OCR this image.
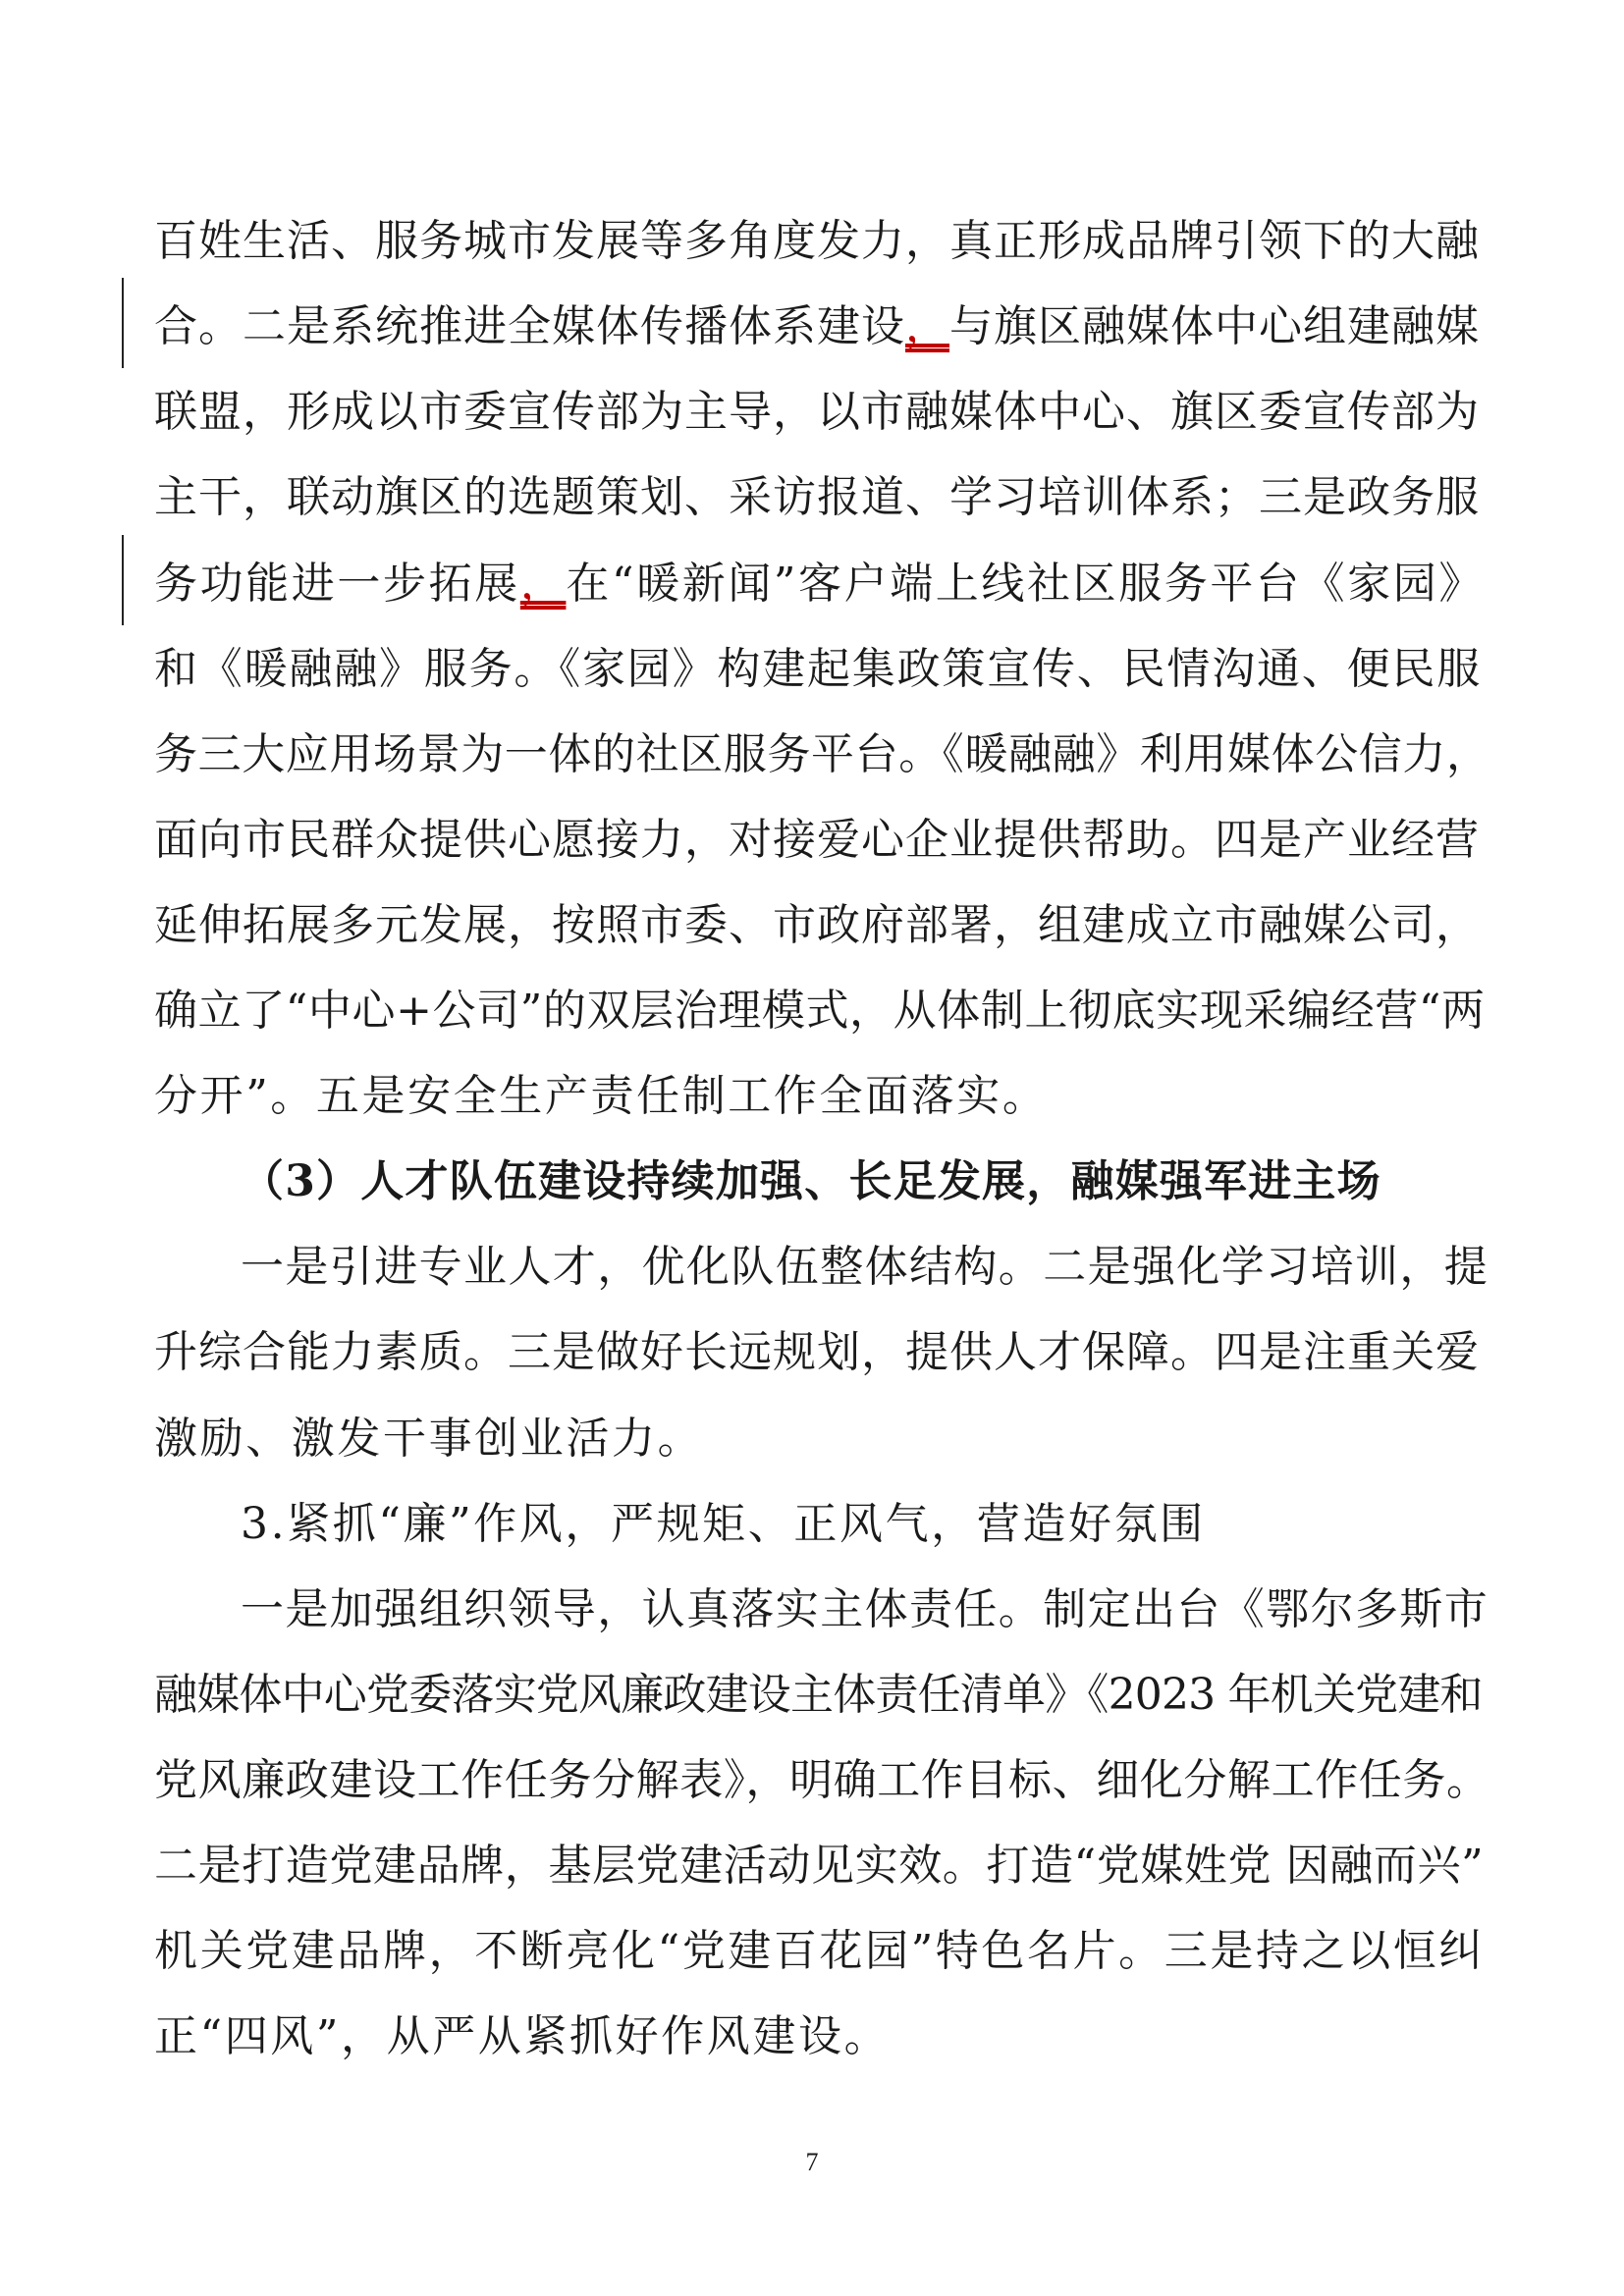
百姓生活、服务城市发展等多角度发力，真正形成品牌引领下的大融
合。二是系统推进全媒体传播体系建设，与旗区融媒体中心组建融媒
联盟，形成以市委宣传部为主导，以市融媒体中心、旗区委宣传部为
主干，联动旗区的选题策划、采访报道、学习培训体系；三是政务服
务功能进一步拓展，在“暖新闻”客户端上线社区服务平台《家园》
和《暖融融》服务。《家园》构建起集政策宣传、民情沟通、便民服
务三大应用场景为一体的社区服务平台。《暖融融》利用媒体公信力，
面向市民群众提供心愿接力，对接爱心企业提供帮助。四是产业经营
延伸拓展多元发展，按照市委、市政府部署，组建成立市融媒公司，
确立了“中心+公司”的双层治理模式，从体制上彻底实现采编经营“两
分开”。五是安全生产责任制工作全面落实。
（3）人才队伍建设持续加强、长足发展，融媒强军进主场
一是引进专业人才，优化队伍整体结构。二是强化学习培训，提
升综合能力素质。三是做好长远规划，提供人才保障。四是注重关爱
激励、激发干事创业活力。
3.紧抓“廉”作风，严规矩、正风气，营造好氛围
一是加强组织领导，认真落实主体责任。制定出台《鄂尔多斯市
融媒体中心党委落实党风廉政建设主体责任清单》《2023 年机关党建和
党风廉政建设工作任务分解表》，明确工作目标、细化分解工作任务。
二是打造党建品牌，基层党建活动见实效。打造“党媒姓党 因融而兴”
机关党建品牌，不断亮化“党建百花园”特色名片。三是持之以恒纠
正“四风”，从严从紧抓好作风建设。
7
